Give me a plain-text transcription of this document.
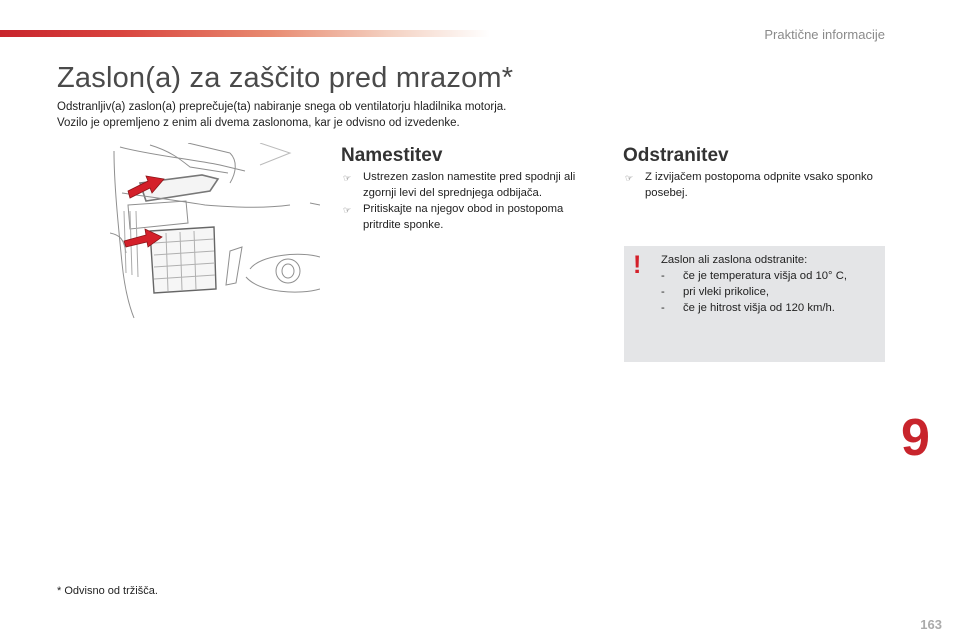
Praktične informacije
Zaslon(a) za zaščito pred mrazom*

Odstranljiv(a) zaslon(a) preprečuje(ta) nabiranje snega ob ventilatorju hladilnika motorja.

Vozilo je opremljeno z enim ali dvema zaslonoma, kar je odvisno od izvedenke.

Namestitev
☞ Ustrezen zaslon namestite pred spodnji ali zgornji levi del sprednjega odbijača.
☞ Pritiskajte na njegov obod in postopoma pritrdite sponke.
Odstranitev
☞ Z izvijačem postopoma odpnite vsako sponko posebej.
! Zaslon ali zaslona odstranite:

- če je temperatura višja od 10° C,
- pri vleki prikolice,
- če je hitrost višja od 120 km/h.
9
* Odvisno od tržišča.
163
